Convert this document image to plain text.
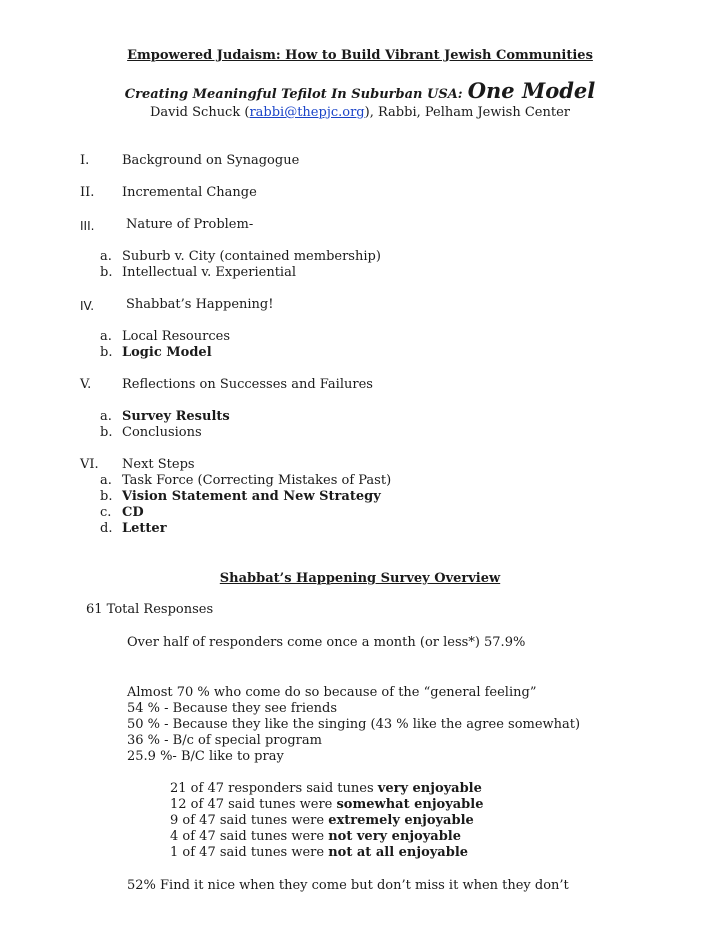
Empowered Judaism: How to Build Vibrant Jewish Communities
Creating Meaningful Tefilot In Suburban USA: One Model
David Schuck (rabbi@thepjc.org), Rabbi, Pelham Jewish Center
I.	Background on Synagogue
II. Incremental Change
III. Nature of Problem-
a. Suburb v. City (contained membership)
b. Intellectual v. Experiential
IV. Shabbat’s Happening!
a. Local Resources
b. Logic Model
V. Reflections on Successes and Failures
a. Survey Results
b. Conclusions
VI. Next Steps
a. Task Force (Correcting Mistakes of Past)
b. Vision Statement and New Strategy
c. CD
d. Letter
Shabbat’s Happening Survey Overview
61 Total Responses
Over half of responders come once a month (or less*) 57.9%
Almost 70 % who come do so because of the “general feeling”
54 % - Because they see friends
50 % - Because they like the singing (43 % like the agree somewhat)
36 % - B/c of special program
25.9 %- B/C like to pray
21 of 47 responders said tunes very enjoyable
12 of 47 said tunes were somewhat enjoyable
9 of 47 said tunes were extremely enjoyable
4 of 47 said tunes were not very enjoyable
1 of 47 said tunes were not at all enjoyable
52% Find it nice when they come but don’t miss it when they don’t
